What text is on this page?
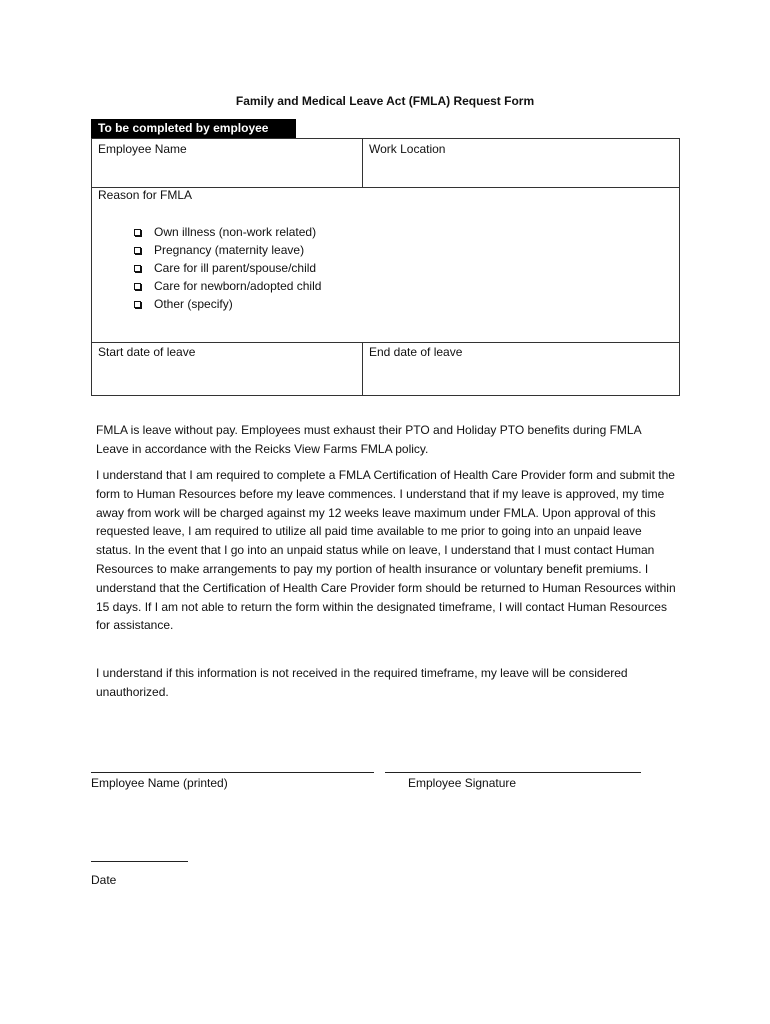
Family and Medical Leave Act (FMLA) Request Form
To be completed by employee
Employee Name	Work Location
Reason for FMLA
Own illness (non-work related)
Pregnancy (maternity leave)
Care for ill parent/spouse/child
Care for newborn/adopted child
Other (specify)
Start date of leave	End date of leave

FMLA is leave without pay. Employees must exhaust their PTO and Holiday PTO benefits during FMLA Leave in accordance with the Reicks View Farms FMLA policy.

I understand that I am required to complete a FMLA Certification of Health Care Provider form and submit the form to Human Resources before my leave commences. I understand that if my leave is approved, my time away from work will be charged against my 12 weeks leave maximum under FMLA. Upon approval of this requested leave, I am required to utilize all paid time available to me prior to going into an unpaid leave status. In the event that I go into an unpaid status while on leave, I understand that I must contact Human Resources to make arrangements to pay my portion of health insurance or voluntary benefit premiums. I understand that the Certification of Health Care Provider form should be returned to Human Resources within 15 days. If I am not able to return the form within the designated timeframe, I will contact Human Resources for assistance.

I understand if this information is not received in the required timeframe, my leave will be considered unauthorized.

Employee Name (printed)	Employee Signature
Date
